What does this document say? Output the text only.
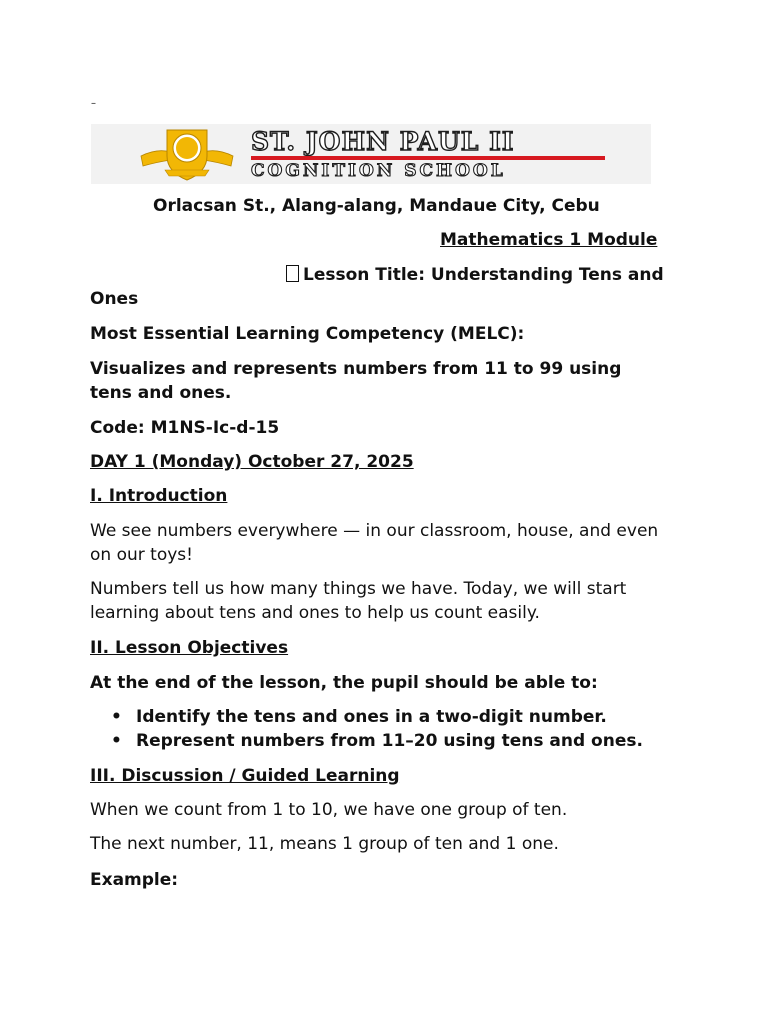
–
ST. JOHN PAUL II
COGNITION SCHOOL
Orlacsan St., Alang-alang, Mandaue City, Cebu
Mathematics 1 Module
Lesson Title: Understanding Tens and
Ones
Most Essential Learning Competency (MELC):
Visualizes and represents numbers from 11 to 99 using
tens and ones.
Code: M1NS-Ic-d-15
DAY 1 (Monday) October 27, 2025
I. Introduction
We see numbers everywhere — in our classroom, house, and even
on our toys!
Numbers tell us how many things we have. Today, we will start
learning about tens and ones to help us count easily.
II. Lesson Objectives
At the end of the lesson, the pupil should be able to:
• Identify the tens and ones in a two-digit number.
• Represent numbers from 11–20 using tens and ones.
III. Discussion / Guided Learning
When we count from 1 to 10, we have one group of ten.
The next number, 11, means 1 group of ten and 1 one.
Example:
